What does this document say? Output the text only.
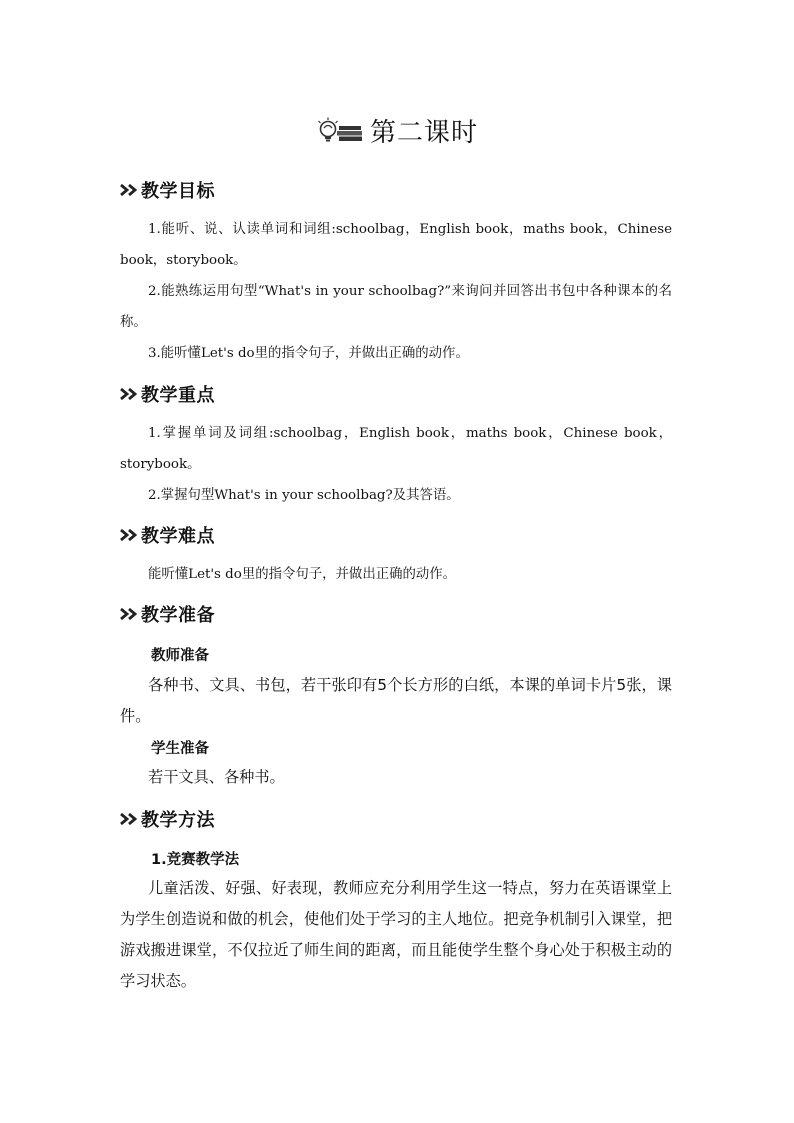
第二课时
教学目标
1.能听、说、认读单词和词组:schoolbag，English book，maths book，Chinese book，storybook。
2.能熟练运用句型“What's in your schoolbag?”来询问并回答出书包中各种课本的名称。
3.能听懂Let's do里的指令句子，并做出正确的动作。
教学重点
1.掌握单词及词组:schoolbag，English book，maths book，Chinese book，storybook。
2.掌握句型What's in your schoolbag?及其答语。
教学难点
能听懂Let's do里的指令句子，并做出正确的动作。
教学准备
教师准备
各种书、文具、书包，若干张印有5个长方形的白纸，本课的单词卡片5张，课件。
学生准备
若干文具、各种书。
教学方法
1.竞赛教学法
儿童活泼、好强、好表现，教师应充分利用学生这一特点，努力在英语课堂上为学生创造说和做的机会，使他们处于学习的主人地位。把竞争机制引入课堂，把游戏搬进课堂，不仅拉近了师生间的距离，而且能使学生整个身心处于积极主动的学习状态。
